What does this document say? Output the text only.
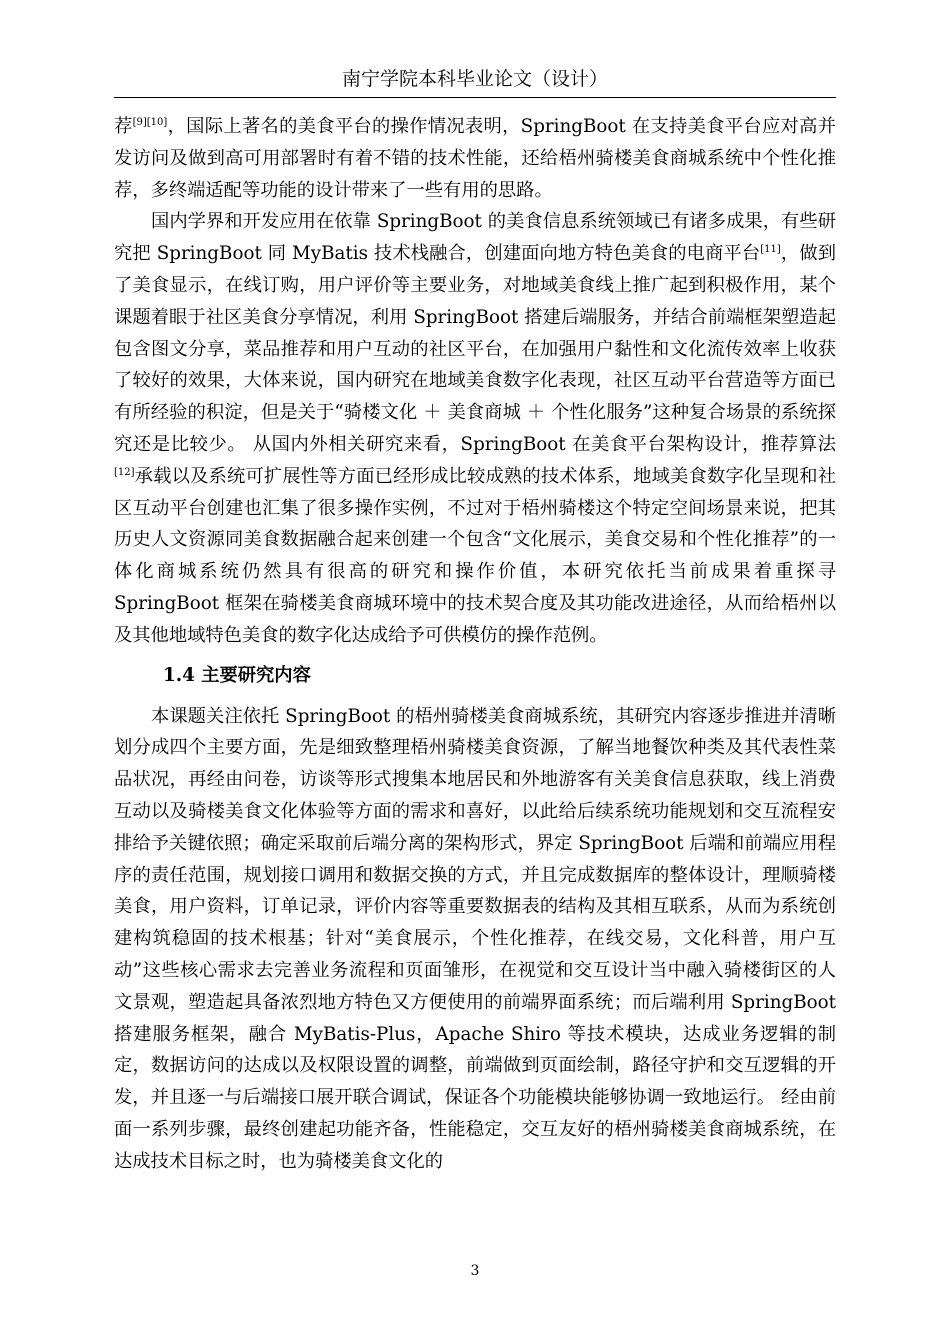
南宁学院本科毕业论文（设计）

荐[9][10]，国际上著名的美食平台的操作情况表明，SpringBoot 在支持美食平台应对高并发访问及做到高可用部署时有着不错的技术性能，还给梧州骑楼美食商城系统中个性化推荐，多终端适配等功能的设计带来了一些有用的思路。

国内学界和开发应用在依靠 SpringBoot 的美食信息系统领域已有诸多成果，有些研究把 SpringBoot 同 MyBatis 技术栈融合，创建面向地方特色美食的电商平台[11]，做到了美食显示，在线订购，用户评价等主要业务，对地域美食线上推广起到积极作用，某个课题着眼于社区美食分享情况，利用 SpringBoot 搭建后端服务，并结合前端框架塑造起包含图文分享，菜品推荐和用户互动的社区平台，在加强用户黏性和文化流传效率上收获了较好的效果，大体来说，国内研究在地域美食数字化表现，社区互动平台营造等方面已有所经验的积淀，但是关于“骑楼文化 ＋ 美食商城 ＋ 个性化服务”这种复合场景的系统探究还是比较少。 从国内外相关研究来看，SpringBoot 在美食平台架构设计，推荐算法[12]承载以及系统可扩展性等方面已经形成比较成熟的技术体系，地域美食数字化呈现和社区互动平台创建也汇集了很多操作实例，不过对于梧州骑楼这个特定空间场景来说，把其历史人文资源同美食数据融合起来创建一个包含“文化展示，美食交易和个性化推荐”的一体化商城系统仍然具有很高的研究和操作价值，本研究依托当前成果着重探寻 SpringBoot 框架在骑楼美食商城环境中的技术契合度及其功能改进途径，从而给梧州以及其他地域特色美食的数字化达成给予可供模仿的操作范例。

1.4 主要研究内容

本课题关注依托 SpringBoot 的梧州骑楼美食商城系统，其研究内容逐步推进并清晰划分成四个主要方面，先是细致整理梧州骑楼美食资源，了解当地餐饮种类及其代表性菜品状况，再经由问卷，访谈等形式搜集本地居民和外地游客有关美食信息获取，线上消费互动以及骑楼美食文化体验等方面的需求和喜好，以此给后续系统功能规划和交互流程安排给予关键依照；确定采取前后端分离的架构形式，界定 SpringBoot 后端和前端应用程序的责任范围，规划接口调用和数据交换的方式，并且完成数据库的整体设计，理顺骑楼美食，用户资料，订单记录，评价内容等重要数据表的结构及其相互联系，从而为系统创建构筑稳固的技术根基；针对“美食展示，个性化推荐，在线交易，文化科普，用户互动”这些核心需求去完善业务流程和页面雏形，在视觉和交互设计当中融入骑楼街区的人文景观，塑造起具备浓烈地方特色又方便使用的前端界面系统；而后端利用 SpringBoot 搭建服务框架，融合 MyBatis-Plus，Apache Shiro 等技术模块，达成业务逻辑的制定，数据访问的达成以及权限设置的调整，前端做到页面绘制，路径守护和交互逻辑的开发，并且逐一与后端接口展开联合调试，保证各个功能模块能够协调一致地运行。 经由前面一系列步骤，最终创建起功能齐备，性能稳定，交互友好的梧州骑楼美食商城系统，在达成技术目标之时，也为骑楼美食文化的

3
